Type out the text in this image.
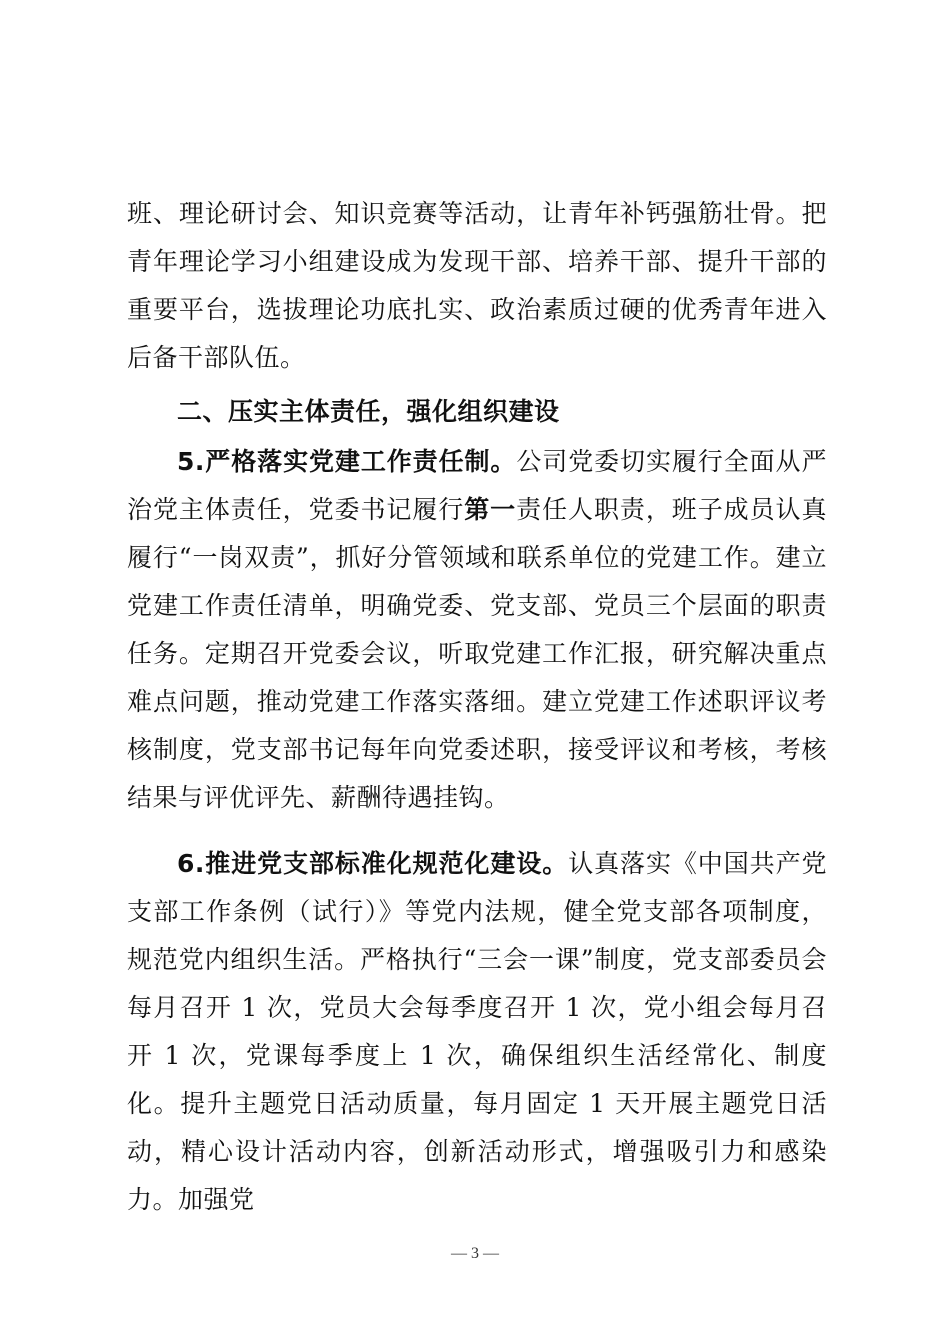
班、理论研讨会、知识竞赛等活动，让青年补钙强筋壮骨。把青年理论学习小组建设成为发现干部、培养干部、提升干部的重要平台，选拔理论功底扎实、政治素质过硬的优秀青年进入后备干部队伍。

二、压实主体责任，强化组织建设

5.严格落实党建工作责任制。公司党委切实履行全面从严治党主体责任，党委书记履行第一责任人职责，班子成员认真履行“一岗双责”，抓好分管领域和联系单位的党建工作。建立党建工作责任清单，明确党委、党支部、党员三个层面的职责任务。定期召开党委会议，听取党建工作汇报，研究解决重点难点问题，推动党建工作落实落细。建立党建工作述职评议考核制度，党支部书记每年向党委述职，接受评议和考核，考核结果与评优评先、薪酬待遇挂钩。

6.推进党支部标准化规范化建设。认真落实《中国共产党支部工作条例（试行）》等党内法规，健全党支部各项制度，规范党内组织生活。严格执行“三会一课”制度，党支部委员会每月召开 1 次，党员大会每季度召开 1 次，党小组会每月召开 1 次，党课每季度上 1 次，确保组织生活经常化、制度化。提升主题党日活动质量，每月固定 1 天开展主题党日活动，精心设计活动内容，创新活动形式，增强吸引力和感染力。加强党

— 3 —
